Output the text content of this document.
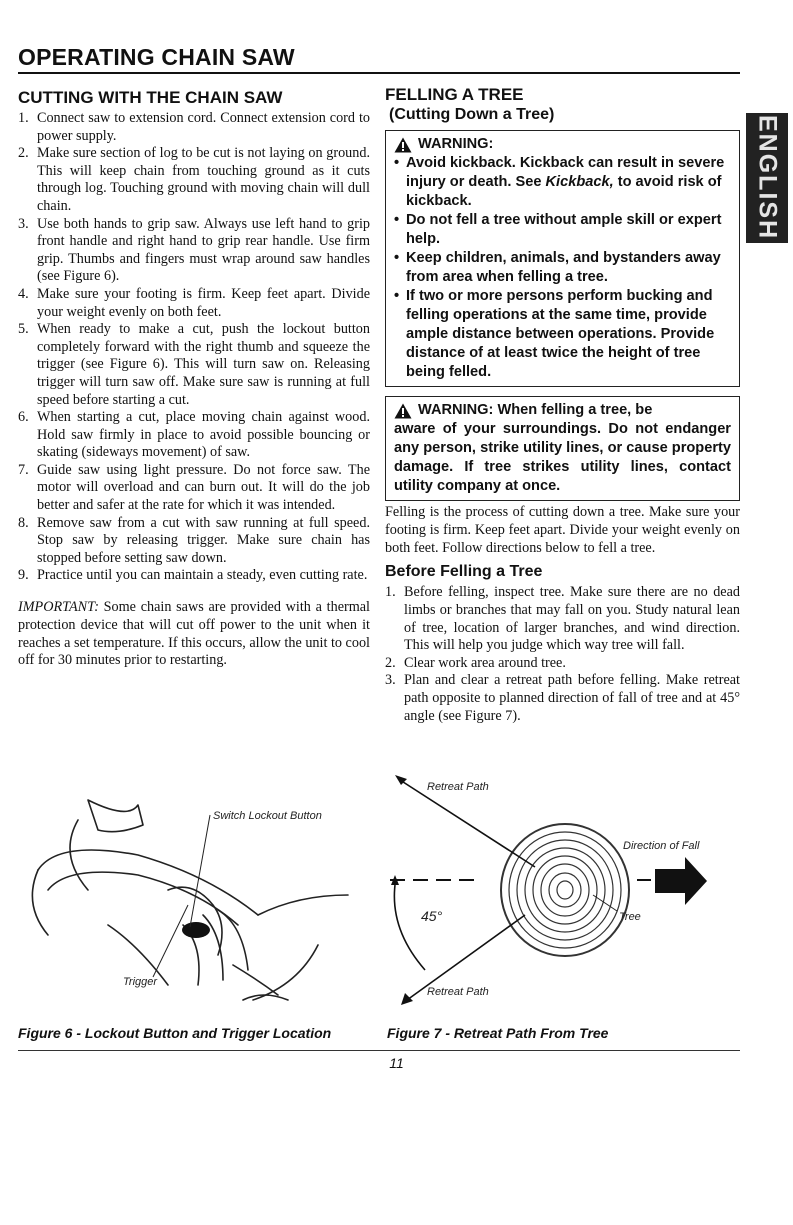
OPERATING CHAIN SAW
ENGLISH
CUTTING WITH THE CHAIN SAW
1. Connect saw to extension cord. Connect extension cord to power supply.
2. Make sure section of log to be cut is not laying on ground. This will keep chain from touching ground as it cuts through log. Touching ground with moving chain will dull chain.
3. Use both hands to grip saw. Always use left hand to grip front handle and right hand to grip rear handle. Use firm grip. Thumbs and fingers must wrap around saw handles (see Figure 6).
4. Make sure your footing is firm. Keep feet apart. Divide your weight evenly on both feet.
5. When ready to make a cut, push the lockout button completely forward with the right thumb and squeeze the trigger (see Figure 6). This will turn saw on. Releasing trigger will turn saw off. Make sure saw is running at full speed before starting a cut.
6. When starting a cut, place moving chain against wood. Hold saw firmly in place to avoid possible bouncing or skating (sideways movement) of saw.
7. Guide saw using light pressure. Do not force saw. The motor will overload and can burn out. It will do the job better and safer at the rate for which it was intended.
8. Remove saw from a cut with saw running at full speed. Stop saw by releasing trigger. Make sure chain has stopped before setting saw down.
9. Practice until you can maintain a steady, even cutting rate.

IMPORTANT: Some chain saws are provided with a thermal protection device that will cut off power to the unit when it reaches a set temperature. If this occurs, allow the unit to cool off for 30 minutes prior to restarting.

FELLING A TREE
(Cutting Down a Tree)
WARNING:
• Avoid kickback. Kickback can result in severe injury or death. See Kickback, to avoid risk of kickback.
• Do not fell a tree without ample skill or expert help.
• Keep children, animals, and bystanders away from area when felling a tree.
• If two or more persons perform bucking and felling operations at the same time, provide ample distance between operations. Provide distance of at least twice the height of tree being felled.
WARNING: When felling a tree, be
aware of your surroundings. Do not endanger any person, strike utility lines, or cause property damage. If tree strikes utility lines, contact utility company at once.

Felling is the process of cutting down a tree. Make sure your footing is firm. Keep feet apart. Divide your weight evenly on both feet. Follow directions below to fell a tree.

Before Felling a Tree
1. Before felling, inspect tree. Make sure there are no dead limbs or branches that may fall on you. Study natural lean of tree, location of larger branches, and wind direction. This will help you judge which way tree will fall.
2. Clear work area around tree.
3. Plan and clear a retreat path before felling. Make retreat path opposite to planned direction of fall of tree and at 45° angle (see Figure 7).
Switch Lockout Button
Trigger
Retreat Path
Direction of Fall
45°	Tree
Retreat Path
Figure 6 - Lockout Button and Trigger Location	Figure 7 - Retreat Path From Tree
11
